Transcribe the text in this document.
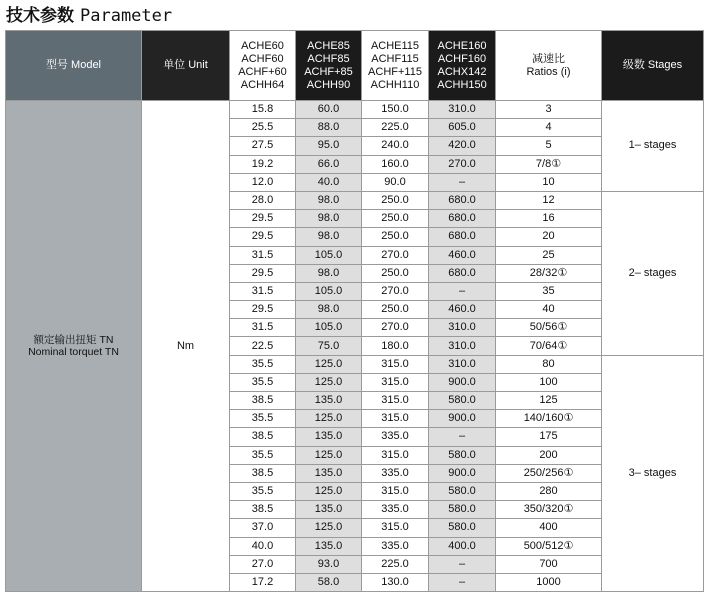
技术参数 Parameter
型号 Model	单位 Unit	ACHE60
ACHF60
ACHF+60
ACHH64	ACHE85
ACHF85
ACHF+85
ACHH90	ACHE115
ACHF115
ACHF+115
ACHH110	ACHE160
ACHF160
ACHX142
ACHH150	减速比
Ratios (i)	级数 Stages

额定输出扭矩 TN
Nominal torquet TN	Nm	15.8	60.0	150.0	310.0	3	1– stages
		25.5	88.0	225.0	605.0	4	
		27.5	95.0	240.0	420.0	5	
		19.2	66.0	160.0	270.0	7/8①	
		12.0	40.0	90.0	–	10	
		28.0	98.0	250.0	680.0	12	2– stages
		29.5	98.0	250.0	680.0	16	
		29.5	98.0	250.0	680.0	20	
		31.5	105.0	270.0	460.0	25	
		29.5	98.0	250.0	680.0	28/32①	
		31.5	105.0	270.0	–	35	
		29.5	98.0	250.0	460.0	40	
		31.5	105.0	270.0	310.0	50/56①	
		22.5	75.0	180.0	310.0	70/64①	
		35.5	125.0	315.0	310.0	80	3– stages
		35.5	125.0	315.0	900.0	100	
		38.5	135.0	315.0	580.0	125	
		35.5	125.0	315.0	900.0	140/160①	
		38.5	135.0	335.0	–	175	
		35.5	125.0	315.0	580.0	200	
		38.5	135.0	335.0	900.0	250/256①	
		35.5	125.0	315.0	580.0	280	
		38.5	135.0	335.0	580.0	350/320①	
		37.0	125.0	315.0	580.0	400	
		40.0	135.0	335.0	400.0	500/512①	
		27.0	93.0	225.0	–	700	
		17.2	58.0	130.0	–	1000	
